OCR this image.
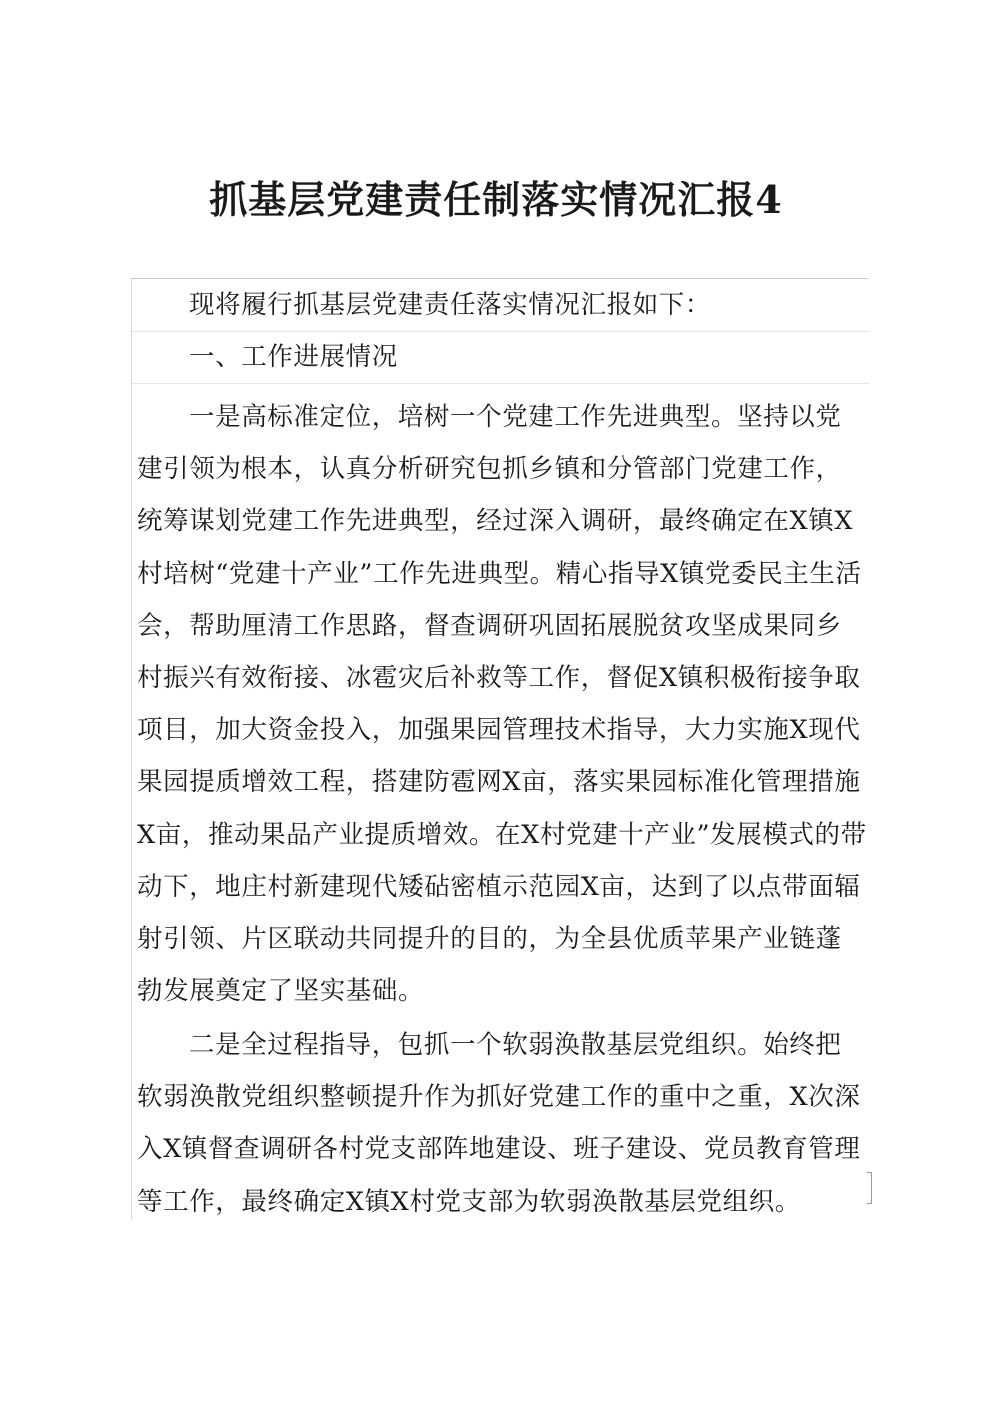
抓基层党建责任制落实情况汇报4

现将履行抓基层党建责任落实情况汇报如下：

一、工作进展情况

一是高标准定位，培树一个党建工作先进典型。坚持以党建引领为根本，认真分析研究包抓乡镇和分管部门党建工作，统筹谋划党建工作先进典型，经过深入调研，最终确定在X镇X村培树“党建十产业”工作先进典型。精心指导X镇党委民主生活会，帮助厘清工作思路，督查调研巩固拓展脱贫攻坚成果同乡村振兴有效衔接、冰雹灾后补救等工作，督促X镇积极衔接争取项目，加大资金投入，加强果园管理技术指导，大力实施X现代果园提质增效工程，搭建防雹网X亩，落实果园标准化管理措施X亩，推动果品产业提质增效。在X村党建十产业”发展模式的带动下，地庄村新建现代矮砧密植示范园X亩，达到了以点带面辐射引领、片区联动共同提升的目的，为全县优质苹果产业链蓬勃发展奠定了坚实基础。

二是全过程指导，包抓一个软弱涣散基层党组织。始终把软弱涣散党组织整顿提升作为抓好党建工作的重中之重，X次深入X镇督查调研各村党支部阵地建设、班子建设、党员教育管理等工作，最终确定X镇X村党支部为软弱涣散基层党组织。
